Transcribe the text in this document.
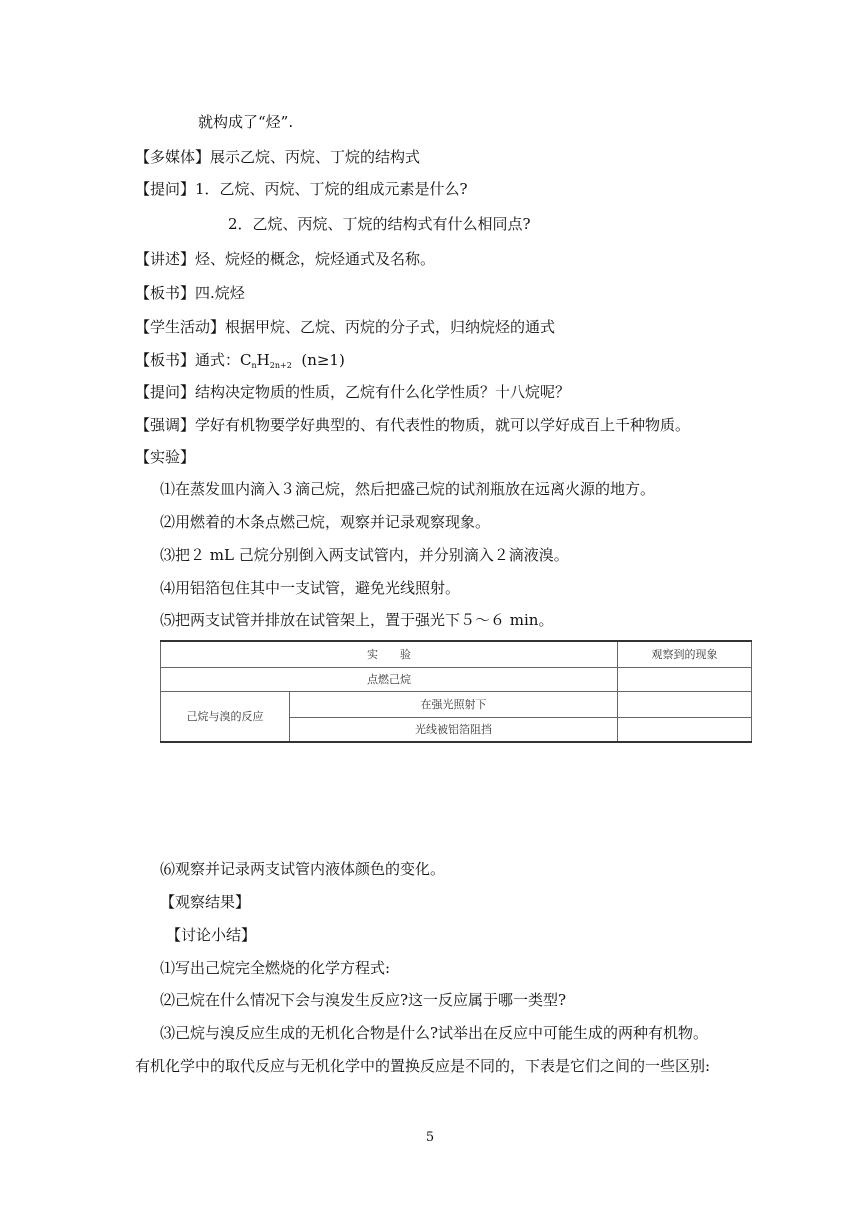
就构成了“烃”.
【多媒体】展示乙烷、丙烷、丁烷的结构式
【提问】1．乙烷、丙烷、丁烷的组成元素是什么?
2．乙烷、丙烷、丁烷的结构式有什么相同点?
【讲述】烃、烷烃的概念，烷烃通式及名称。
【板书】四.烷烃
【学生活动】根据甲烷、乙烷、丙烷的分子式，归纳烷烃的通式
【板书】通式：$C_nH_{2n+2}$ (n≥1)
【提问】结构决定物质的性质，乙烷有什么化学性质？十八烷呢？
【强调】学好有机物要学好典型的、有代表性的物质，就可以学好成百上千种物质。
【实验】
⑴在蒸发皿内滴入３滴己烷，然后把盛己烷的试剂瓶放在远离火源的地方。
⑵用燃着的木条点燃己烷，观察并记录观察现象。
⑶把２ mL 己烷分别倒入两支试管内，并分别滴入２滴液溴。
⑷用铝箔包住其中一支试管，避免光线照射。
⑸把两支试管并排放在试管架上，置于强光下５～６ min。
实　　验		观察到的现象
点燃己烷		
己烷与溴的反应	在强光照射下	
	光线被铝箔阻挡	
⑹观察并记录两支试管内液体颜色的变化。
【观察结果】
【讨论小结】
⑴写出己烷完全燃烧的化学方程式:
⑵己烷在什么情况下会与溴发生反应?这一反应属于哪一类型?
⑶己烷与溴反应生成的无机化合物是什么?试举出在反应中可能生成的两种有机物。
有机化学中的取代反应与无机化学中的置换反应是不同的，下表是它们之间的一些区别:
5
